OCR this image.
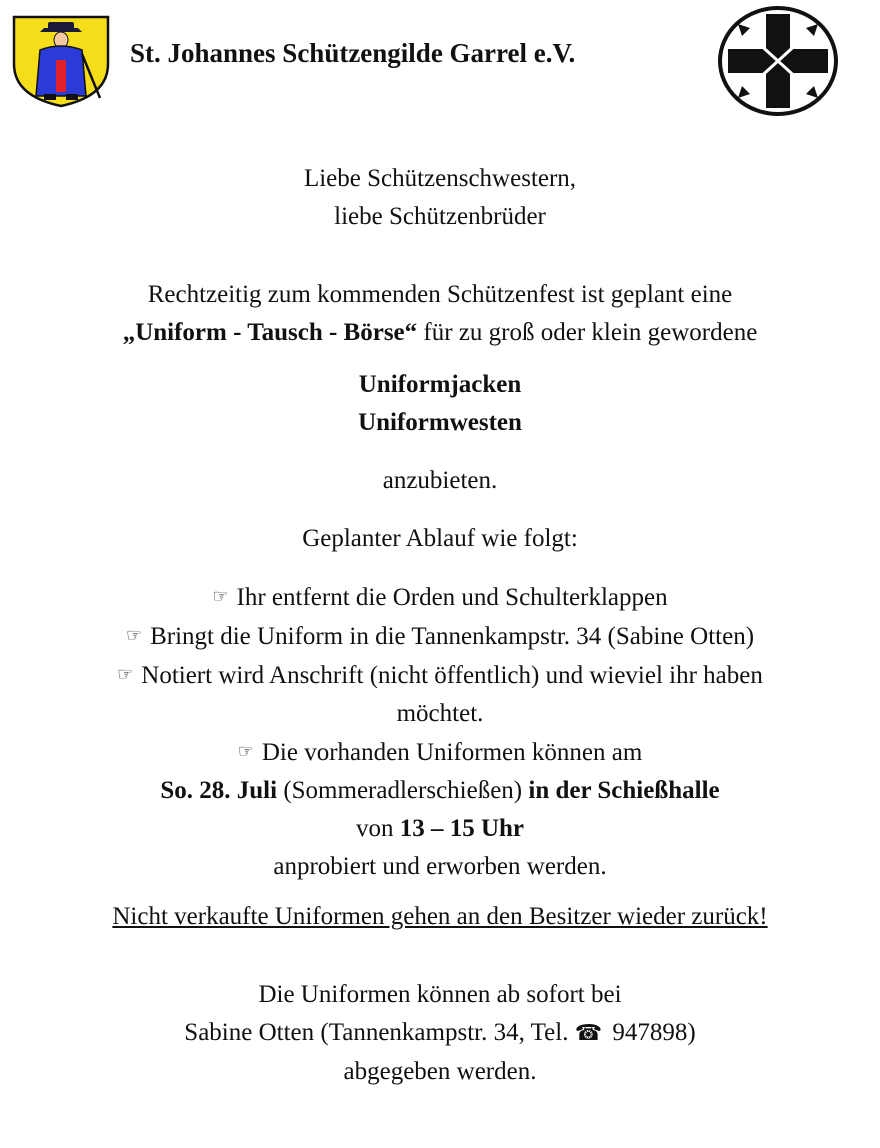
St. Johannes Schützengilde Garrel e.V.
Liebe Schützenschwestern,
liebe Schützenbrüder
Rechtzeitig zum kommenden Schützenfest ist geplant eine
„Uniform - Tausch - Börse“ für zu groß oder klein gewordene
Uniformjacken
Uniformwesten
anzubieten.
Geplanter Ablauf wie folgt:
☞ Ihr entfernt die Orden und Schulterklappen
☞ Bringt die Uniform in die Tannenkampstr. 34 (Sabine Otten)
☞ Notiert wird Anschrift (nicht öffentlich) und wieviel ihr haben
möchtet.
☞ Die vorhanden Uniformen können am
So. 28. Juli (Sommeradlerschießen) in der Schießhalle
von 13 – 15 Uhr
anprobiert und erworben werden.
Nicht verkaufte Uniformen gehen an den Besitzer wieder zurück!
Die Uniformen können ab sofort bei
Sabine Otten (Tannenkampstr. 34, Tel. ☎ 947898)
abgegeben werden.
